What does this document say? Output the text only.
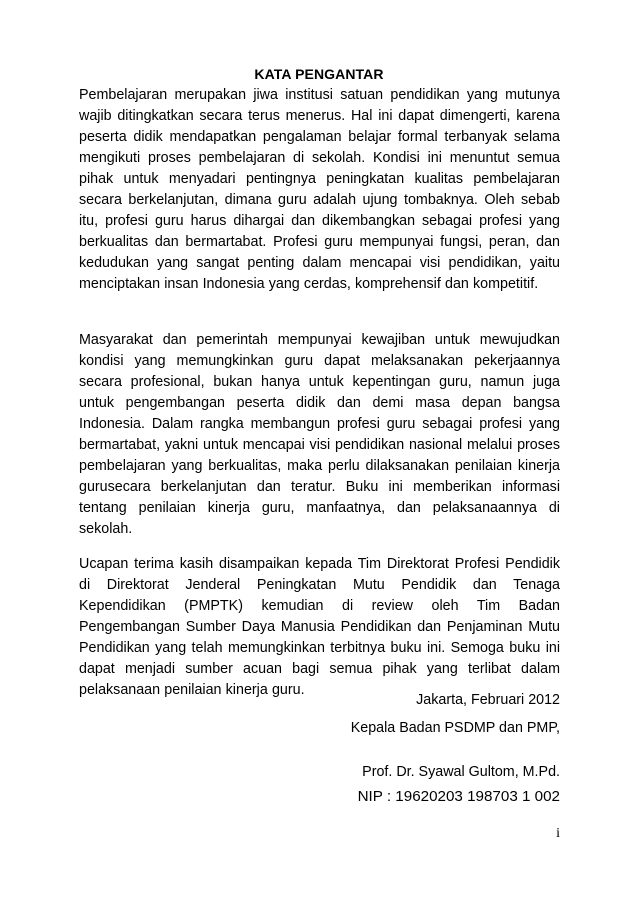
KATA PENGANTAR

Pembelajaran merupakan jiwa institusi satuan pendidikan yang mutunya wajib ditingkatkan secara terus menerus. Hal ini dapat dimengerti, karena peserta didik mendapatkan pengalaman belajar formal terbanyak selama mengikuti proses pembelajaran di sekolah. Kondisi ini menuntut semua pihak untuk menyadari pentingnya peningkatan kualitas pembelajaran secara berkelanjutan, dimana guru adalah ujung tombaknya. Oleh sebab itu, profesi guru harus dihargai dan dikembangkan sebagai profesi yang berkualitas dan bermartabat. Profesi guru mempunyai fungsi, peran, dan kedudukan yang sangat penting dalam mencapai visi pendidikan, yaitu menciptakan insan Indonesia yang cerdas, komprehensif dan kompetitif.

Masyarakat dan pemerintah mempunyai kewajiban untuk mewujudkan kondisi yang memungkinkan guru dapat melaksanakan pekerjaannya secara profesional, bukan hanya untuk kepentingan guru, namun juga untuk pengembangan peserta didik dan demi masa depan bangsa Indonesia. Dalam rangka membangun profesi guru sebagai profesi yang bermartabat, yakni untuk mencapai visi pendidikan nasional melalui proses pembelajaran yang berkualitas, maka perlu dilaksanakan penilaian kinerja gurusecara berkelanjutan dan teratur. Buku ini memberikan informasi tentang penilaian kinerja guru, manfaatnya, dan pelaksanaannya di sekolah.

Ucapan terima kasih disampaikan kepada Tim Direktorat Profesi Pendidik di Direktorat Jenderal Peningkatan Mutu Pendidik dan Tenaga Kependidikan (PMPTK) kemudian di review oleh Tim Badan Pengembangan Sumber Daya Manusia Pendidikan dan Penjaminan Mutu Pendidikan yang telah memungkinkan terbitnya buku ini. Semoga buku ini dapat menjadi sumber acuan bagi semua pihak yang terlibat dalam pelaksanaan penilaian kinerja guru.

Jakarta, Februari 2012
Kepala Badan PSDMP dan PMP,
Prof. Dr. Syawal Gultom, M.Pd.
NIP : 19620203 198703 1 002
i
